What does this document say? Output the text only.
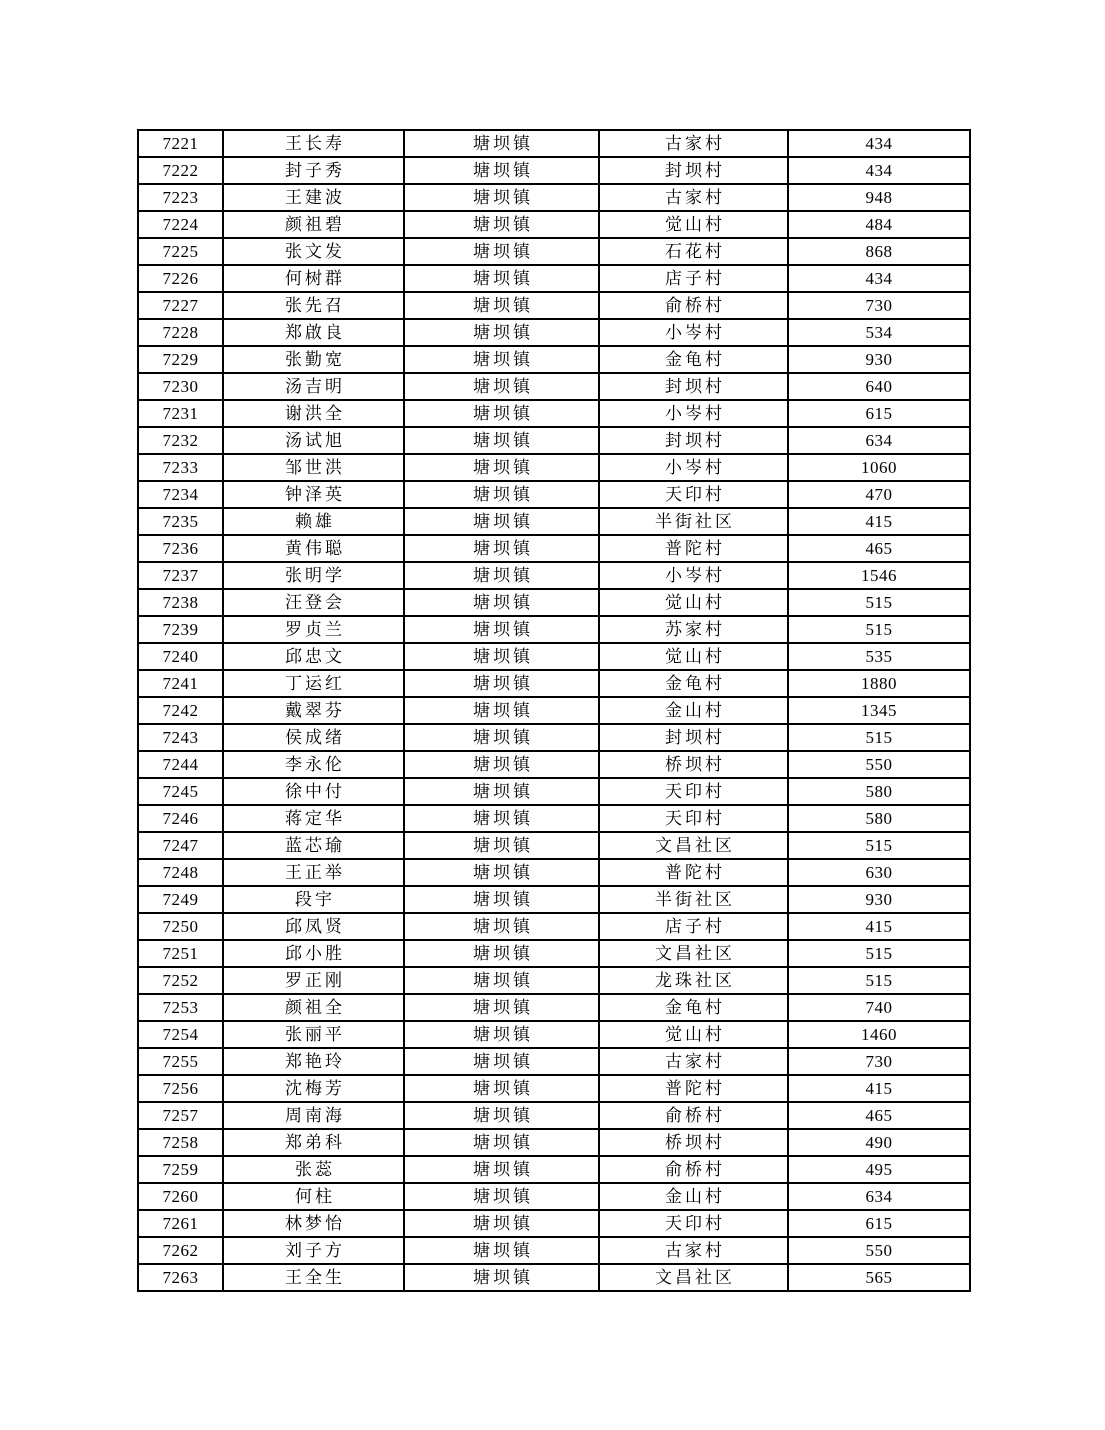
7221	王长寿	塘坝镇	古家村	434
7222	封子秀	塘坝镇	封坝村	434
7223	王建波	塘坝镇	古家村	948
7224	颜祖碧	塘坝镇	觉山村	484
7225	张文发	塘坝镇	石花村	868
7226	何树群	塘坝镇	店子村	434
7227	张先召	塘坝镇	俞桥村	730
7228	郑啟良	塘坝镇	小岑村	534
7229	张勤宽	塘坝镇	金龟村	930
7230	汤吉明	塘坝镇	封坝村	640
7231	谢洪全	塘坝镇	小岑村	615
7232	汤试旭	塘坝镇	封坝村	634
7233	邹世洪	塘坝镇	小岑村	1060
7234	钟泽英	塘坝镇	天印村	470
7235	赖雄	塘坝镇	半街社区	415
7236	黄伟聪	塘坝镇	普陀村	465
7237	张明学	塘坝镇	小岑村	1546
7238	汪登会	塘坝镇	觉山村	515
7239	罗贞兰	塘坝镇	苏家村	515
7240	邱忠文	塘坝镇	觉山村	535
7241	丁运红	塘坝镇	金龟村	1880
7242	戴翠芬	塘坝镇	金山村	1345
7243	侯成绪	塘坝镇	封坝村	515
7244	李永伦	塘坝镇	桥坝村	550
7245	徐中付	塘坝镇	天印村	580
7246	蒋定华	塘坝镇	天印村	580
7247	蓝芯瑜	塘坝镇	文昌社区	515
7248	王正举	塘坝镇	普陀村	630
7249	段宇	塘坝镇	半街社区	930
7250	邱凤贤	塘坝镇	店子村	415
7251	邱小胜	塘坝镇	文昌社区	515
7252	罗正刚	塘坝镇	龙珠社区	515
7253	颜祖全	塘坝镇	金龟村	740
7254	张丽平	塘坝镇	觉山村	1460
7255	郑艳玲	塘坝镇	古家村	730
7256	沈梅芳	塘坝镇	普陀村	415
7257	周南海	塘坝镇	俞桥村	465
7258	郑弟科	塘坝镇	桥坝村	490
7259	张蕊	塘坝镇	俞桥村	495
7260	何柱	塘坝镇	金山村	634
7261	林梦怡	塘坝镇	天印村	615
7262	刘子方	塘坝镇	古家村	550
7263	王全生	塘坝镇	文昌社区	565
